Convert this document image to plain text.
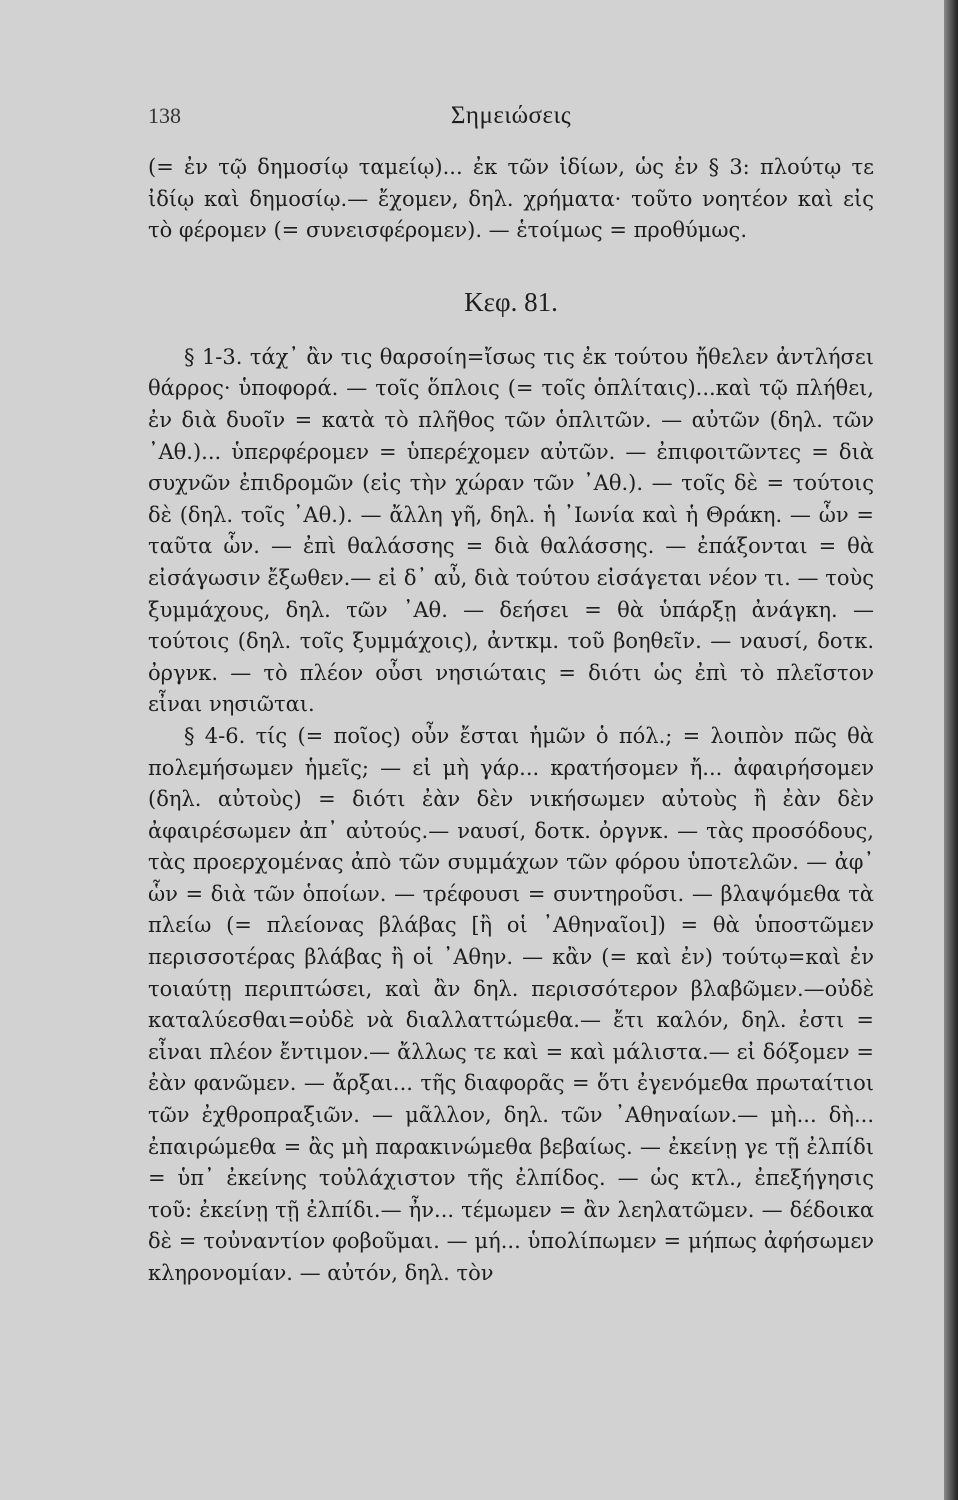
138	Σημειώσεις

(= ἐν τῷ δημοσίῳ ταμείῳ)... ἐκ τῶν ἰδίων, ὡς ἐν § 3: πλούτῳ τε ἰδίῳ καὶ δημοσίῳ.— ἔχομεν, δηλ. χρήματα· τοῦτο νοητέον καὶ εἰς τὸ φέρομεν (= συνεισφέρομεν). — ἑτοίμως = προθύμως.

Κεφ. 81.

§ 1-3. τάχ᾽ ἂν τις θαρσοίη=ἴσως τις ἐκ τούτου ἤθελεν ἀντλήσει θάρρος· ὑποφορά. — τοῖς ὅπλοις (= τοῖς ὁπλίταις)...καὶ τῷ πλήθει, ἐν διὰ δυοῖν = κατὰ τὸ πλῆθος τῶν ὁπλιτῶν. — αὐτῶν (δηλ. τῶν ᾿Αθ.)... ὑπερφέρομεν = ὑπερέχομεν αὐτῶν. — ἐπιφοιτῶντες = διὰ συχνῶν ἐπιδρομῶν (εἰς τὴν χώραν τῶν ᾿Αθ.). — τοῖς δὲ = τούτοις δὲ (δηλ. τοῖς ᾿Αθ.). — ἄλλη γῆ, δηλ. ἡ ᾿Ιωνία καὶ ἡ Θράκη. — ὧν = ταῦτα ὧν. — ἐπὶ θαλάσσης = διὰ θαλάσσης. — ἐπάξονται = θὰ εἰσάγωσιν ἔξωθεν.— εἰ δ᾽ αὖ, διὰ τούτου εἰσάγεται νέον τι. — τοὺς ξυμμάχους, δηλ. τῶν ᾿Αθ. — δεήσει = θὰ ὑπάρξῃ ἀνάγκη. — τούτοις (δηλ. τοῖς ξυμμάχοις), ἀντκμ. τοῦ βοηθεῖν. — ναυσί, δοτκ. ὀργνκ. — τὸ πλέον οὖσι νησιώταις = διότι ὡς ἐπὶ τὸ πλεῖστον εἶναι νησιῶται.

§ 4-6. τίς (= ποῖος) οὖν ἔσται ἡμῶν ὁ πόλ.; = λοιπὸν πῶς θὰ πολεμήσωμεν ἡμεῖς; — εἰ μὴ γάρ... κρατήσομεν ἤ... ἀφαιρήσομεν (δηλ. αὐτοὺς) = διότι ἐὰν δὲν νικήσωμεν αὐτοὺς ἢ ἐὰν δὲν ἀφαιρέσωμεν ἀπ᾽ αὐτούς.— ναυσί, δοτκ. ὀργνκ. — τὰς προσόδους, τὰς προερχομένας ἀπὸ τῶν συμμάχων τῶν φόρου ὑποτελῶν. — ἀφ᾽ ὧν = διὰ τῶν ὁποίων. — τρέφουσι = συντηροῦσι. — βλαψόμεθα τὰ πλείω (= πλείονας βλάβας [ἢ οἱ ᾿Αθηναῖοι]) = θὰ ὑποστῶμεν περισσοτέρας βλάβας ἢ οἱ ᾿Αθην. — κἂν (= καὶ ἐν) τούτῳ=καὶ ἐν τοιαύτῃ περιπτώσει, καὶ ἂν δηλ. περισσότερον βλαβῶμεν.—οὐδὲ καταλύεσθαι=οὐδὲ νὰ διαλλαττώμεθα.— ἔτι καλόν, δηλ. ἐστι = εἶναι πλέον ἔντιμον.— ἄλλως τε καὶ = καὶ μάλιστα.— εἰ δόξομεν = ἐὰν φανῶμεν. — ἄρξαι... τῆς διαφορᾶς = ὅτι ἐγενόμεθα πρωταίτιοι τῶν ἐχθροπραξιῶν. — μᾶλλον, δηλ. τῶν ᾿Αθηναίων.— μὴ... δὴ... ἐπαιρώμεθα = ἂς μὴ παρακινώμεθα βεβαίως. — ἐκείνῃ γε τῇ ἐλπίδι = ὑπ᾽ ἐκείνης τοὐλάχιστον τῆς ἐλπίδος. — ὡς κτλ., ἐπεξήγησις τοῦ: ἐκείνῃ τῇ ἐλπίδι.— ἦν... τέμωμεν = ἂν λεηλατῶμεν. — δέδοικα δὲ = τοὐναντίον φοβοῦμαι. — μή... ὑπολίπωμεν = μήπως ἀφήσωμεν κληρονομίαν. — αὐτόν, δηλ. τὸν
